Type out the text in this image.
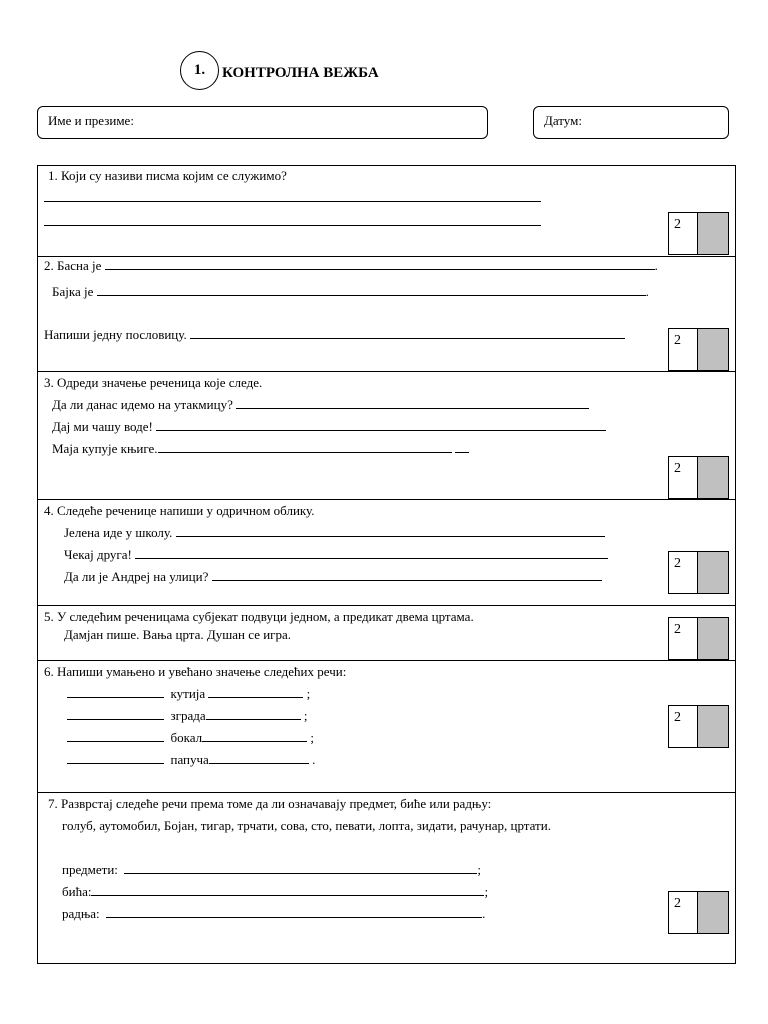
1.	КОНТРОЛНА ВЕЖБА
Име и презиме:	Датум:
1. Који су називи писма којим се служимо?
2
2. Басна је	.
Бајка је	.
Напиши једну пословицу.	2
3. Одреди значење реченица које следе.
Да ли данас идемо на утакмицу?
Дај ми чашу воде!
Маја купује књиге.
2
4. Следеће реченице напиши у одричном облику.
Јелена иде у школу.
Чекај друга!
Да ли је Андреј на улици?
2
5. У следећим реченицама субјекат подвуци једном, а предикат двема цртама.
Дамјан пише. Вања црта. Душан се игра.	2
6. Напиши умањено и увећано значење следећих речи:
кутија	;
зграда	;
бокал	;
папуча	.
2
7. Разврстај следеће речи према томе да ли означавају предмет, биће или радњу:
голуб, аутомобил, Бојан, тигар, трчати, сова, сто, певати, лопта, зидати, рачунар, цртати.
предмети:	;
бића:	;
радња:	.
2
